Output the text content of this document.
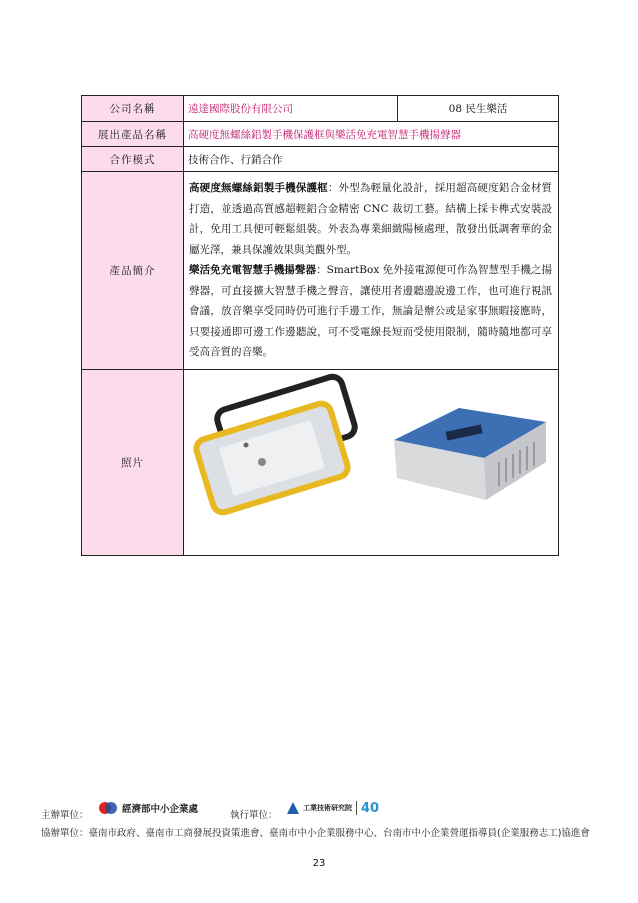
公司名稱	遠達國際股份有限公司	08 民生樂活
展出產品名稱	高硬度無螺絲鋁製手機保護框與樂活免充電智慧手機揚聲器	
合作模式	技術合作、行銷合作	
產品簡介	高硬度無螺絲鋁製手機保護框：外型為輕量化設計，採用超高硬度鋁合金材質打造，並透過高質感超輕鋁合金精密 CNC 裁切工藝。結構上採卡榫式安裝設計，免用工具便可輕鬆組裝。外表為專業細緻陽極處理，散發出低調奢華的金屬光澤，兼具保護效果與美觀外型。
樂活免充電智慧手機揚聲器：SmartBox 免外接電源便可作為智慧型手機之揚聲器，可直接擴大智慧手機之聲音，讓使用者邊聽邊說邊工作，也可進行視訊會議，放音樂享受同時仍可進行手邊工作，無論是辦公或是家事無暇接應時，只要接通即可邊工作邊聽說，可不受電線長短而受使用限制，隨時隨地都可享受高音質的音樂。	
照片	
主辦單位：
經濟部中小企業處
執行單位：
工業技術研究院 40
協辦單位：臺南市政府、臺南市工商發展投資策進會、臺南市中小企業服務中心、台南市中小企業營運指導員(企業服務志工)協進會
23
